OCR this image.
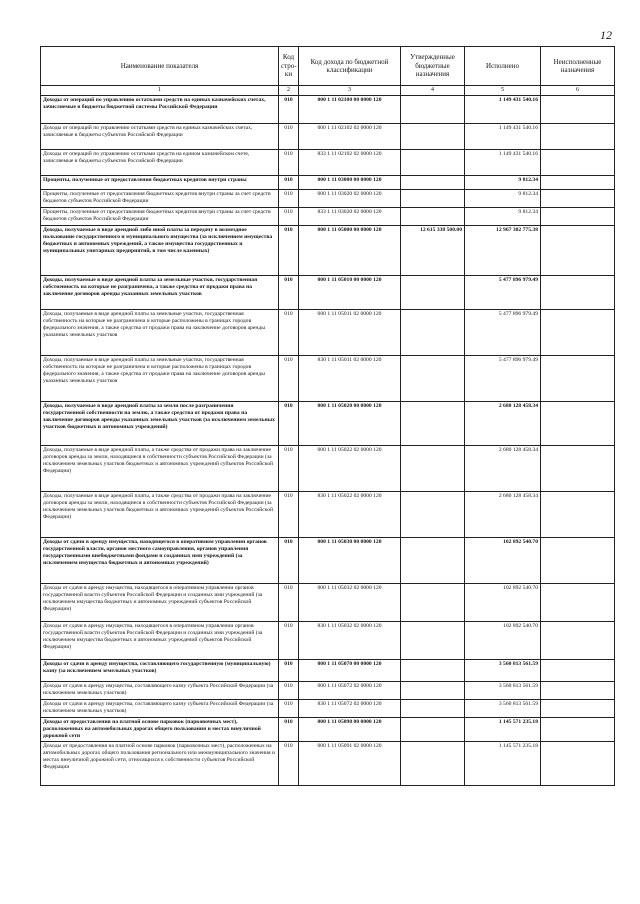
12
Наименование показателя	Код стро-ки	Код дохода по бюджетной классификации	Утвержденные бюджетные назначения	Исполнено	Неисполненные назначения
1	2	3	4	5	6
Доходы от операций по управлению остатками средств на единых казначейских счетах, зачисляемые в бюджеты бюджетной системы Российской Федерации	010	000 1 11 02100 00 0000 120		1 149 431 540.16	
Доходы от операций по управлению остатками средств на единых казначейских счетах, зачисляемые в бюджеты субъектов Российской Федерации	010	000 1 11 02102 02 0000 120		1 149 431 540.16	
Доходы от операций по управлению остатками средств на едином казначейском счете, зачисляемые в бюджеты субъектов Российской Федерации	010	833 1 11 02102 02 0000 120		1 149 431 540.16	
Проценты, полученные от предоставления бюджетных кредитов внутри страны	010	000 1 11 03000 00 0000 120		9 812.34	
Проценты, полученные от предоставления бюджетных кредитов внутри страны за счет средств бюджетов субъектов Российской Федерации	010	000 1 11 03020 02 0000 120		9 812.34	
Проценты, полученные от предоставления бюджетных кредитов внутри страны за счет средств бюджетов субъектов Российской Федерации	010	833 1 11 03020 02 0000 120		9 812.34	
Доходы, получаемые в виде арендной либо иной платы за передачу в возмездное пользование государственного и муниципального имущества (за исключением имущества бюджетных и автономных учреждений, а также имущества государственных и муниципальных унитарных предприятий, в том числе казенных)	010	000 1 11 05000 00 0000 120	12 615 338 500.00	12 967 302 775.38	
Доходы, получаемые в виде арендной платы за земельные участки, государственная собственность на которые не разграничена, а также средства от продажи права на заключение договоров аренды указанных земельных участков	010	000 1 11 05010 00 0000 120		5 477 896 979.49	
Доходы, получаемые в виде арендной платы за земельные участки, государственная собственность на которые не разграничена и которые расположены в границах городов федерального значения, а также средства от продажи права на заключение договоров аренды указанных земельных участков	010	000 1 11 05011 02 0000 120		5 477 896 979.49	
Доходы, получаемые в виде арендной платы за земельные участки, государственная собственность на которые не разграничена и которые расположены в границах городов федерального значения, а также средства от продажи права на заключение договоров аренды указанных земельных участков	010	830 1 11 05011 02 0000 120		5 477 896 979.49	
Доходы, получаемые в виде арендной платы за земли после разграничения государственной собственности на землю, а также средства от продажи права на заключение договоров аренды указанных земельных участков (за исключением земельных участков бюджетных и автономных учреждений)	010	000 1 11 05020 00 0000 120		2 680 128 458.34	
Доходы, получаемые в виде арендной платы, а также средства от продажи права на заключение договоров аренды за земли, находящиеся в собственности субъектов Российской Федерации (за исключением земельных участков бюджетных и автономных учреждений субъектов Российской Федерации)	010	000 1 11 05022 02 0000 120		2 680 128 458.34	
Доходы, получаемые в виде арендной платы, а также средства от продажи права на заключение договоров аренды за земли, находящиеся в собственности субъектов Российской Федерации (за исключением земельных участков бюджетных и автономных учреждений субъектов Российской Федерации)	010	830 1 11 05022 02 0000 120		2 680 128 458.34	
Доходы от сдачи в аренду имущества, находящегося в оперативном управлении органов государственной власти, органов местного самоуправления, органов управления государственными внебюджетными фондами и созданных ими учреждений (за исключением имущества бюджетных и автономных учреждений)	010	000 1 11 05030 00 0000 120		102 892 540.70	
Доходы от сдачи в аренду имущества, находящегося в оперативном управлении органов государственной власти субъектов Российской Федерации и созданных ими учреждений (за исключением имущества бюджетных и автономных учреждений субъектов Российской Федерации)	010	000 1 11 05032 02 0000 120		102 892 540.70	
Доходы от сдачи в аренду имущества, находящегося в оперативном управлении органов государственной власти субъектов Российской Федерации и созданных ими учреждений (за исключением имущества бюджетных и автономных учреждений субъектов Российской Федерации)	010	830 1 11 05032 02 0000 120		102 892 540.70	
Доходы от сдачи в аренду имущества, составляющего государственную (муниципальную) казну (за исключением земельных участков)	010	000 1 11 05070 00 0000 120		3 560 813 561.59	
Доходы от сдачи в аренду имущества, составляющего казну субъекта Российской Федерации (за исключением земельных участков)	010	000 1 11 05072 02 0000 120		3 560 813 561.59	
Доходы от сдачи в аренду имущества, составляющего казну субъекта Российской Федерации (за исключением земельных участков)	010	830 1 11 05072 02 0000 120		3 560 813 561.59	
Доходы от предоставления на платной основе парковок (парковочных мест), расположенных на автомобильных дорогах общего пользования и местах внеуличной дорожной сети	010	000 1 11 05090 00 0000 120		1 145 571 235.18	
Доходы от предоставления на платной основе парковок (парковочных мест), расположенных на автомобильных дорогах общего пользования регионального или межмуниципального значения и местах внеуличной дорожной сети, относящихся к собственности субъектов Российской Федерации	010	000 1 11 05091 02 0000 120		1 145 571 235.18	
